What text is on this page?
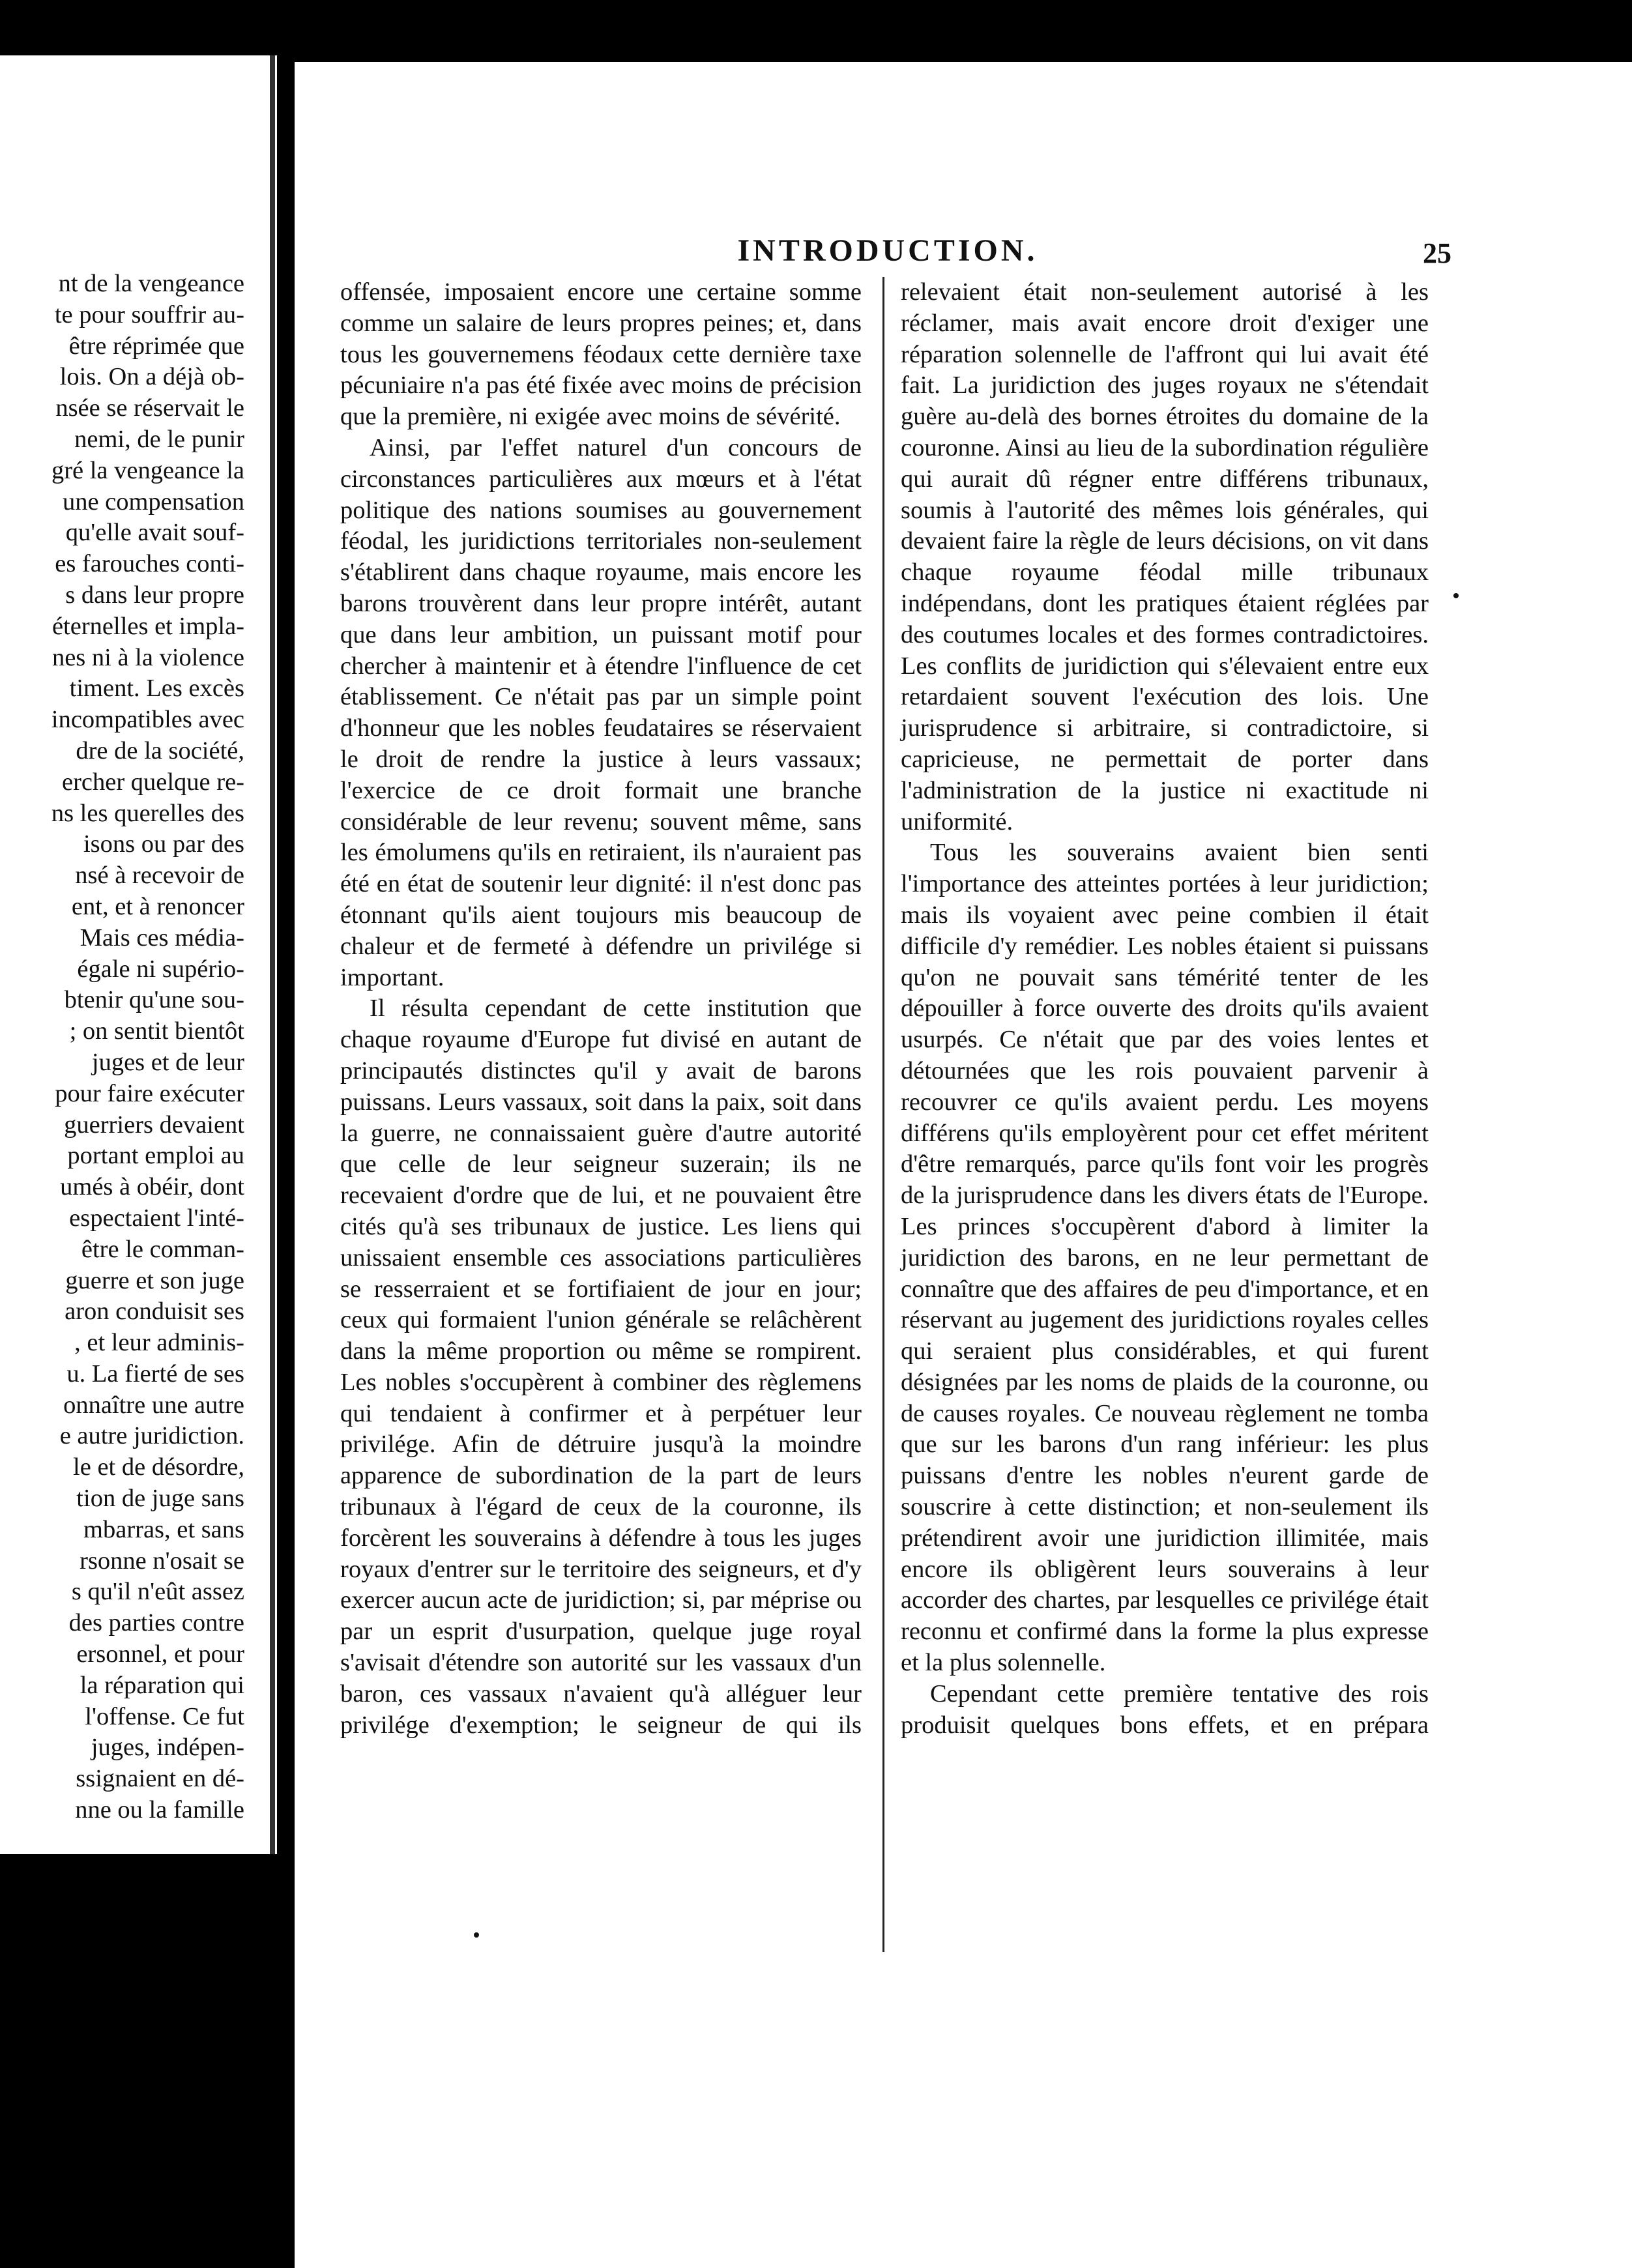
nt de la vengeance

te pour souffrir au-

être réprimée que

lois. On a déjà ob-

nsée se réservait le

nemi, de le punir

gré la vengeance la

une compensation

qu'elle avait souf-

es farouches conti-

s dans leur propre

éternelles et impla-

nes ni à la violence

timent. Les excès

incompatibles avec

dre de la société,

ercher quelque re-

ns les querelles des

isons ou par des

nsé à recevoir de

ent, et à renoncer

Mais ces média-

égale ni supério-

btenir qu'une sou-

; on sentit bientôt

juges et de leur

pour faire exécuter

guerriers devaient

portant emploi au

umés à obéir, dont

espectaient l'inté-

être le comman-

guerre et son juge

aron conduisit ses

, et leur adminis-

u. La fierté de ses

onnaître une autre

e autre juridiction.

le et de désordre,

tion de juge sans

mbarras, et sans

rsonne n'osait se

s qu'il n'eût assez

des parties contre

ersonnel, et pour

la réparation qui

l'offense. Ce fut

juges, indépen-

ssignaient en dé-

nne ou la famille

INTRODUCTION.	25

offensée, imposaient encore une certaine somme comme un salaire de leurs propres peines; et, dans tous les gouvernemens féodaux cette dernière taxe pécuniaire n'a pas été fixée avec moins de précision que la première, ni exigée avec moins de sévérité.

Ainsi, par l'effet naturel d'un concours de circonstances particulières aux mœurs et à l'état politique des nations soumises au gouvernement féodal, les juridictions territoriales non-seulement s'établirent dans chaque royaume, mais encore les barons trouvèrent dans leur propre intérêt, autant que dans leur ambition, un puissant motif pour chercher à maintenir et à étendre l'influence de cet établissement. Ce n'était pas par un simple point d'honneur que les nobles feudataires se réservaient le droit de rendre la justice à leurs vassaux; l'exercice de ce droit formait une branche considérable de leur revenu; souvent même, sans les émolumens qu'ils en retiraient, ils n'auraient pas été en état de soutenir leur dignité: il n'est donc pas étonnant qu'ils aient toujours mis beaucoup de chaleur et de fermeté à défendre un privilége si important.

Il résulta cependant de cette institution que chaque royaume d'Europe fut divisé en autant de principautés distinctes qu'il y avait de barons puissans. Leurs vassaux, soit dans la paix, soit dans la guerre, ne connaissaient guère d'autre autorité que celle de leur seigneur suzerain; ils ne recevaient d'ordre que de lui, et ne pouvaient être cités qu'à ses tribunaux de justice. Les liens qui unissaient ensemble ces associations particulières se resserraient et se fortifiaient de jour en jour; ceux qui formaient l'union générale se relâchèrent dans la même proportion ou même se rompirent. Les nobles s'occupèrent à combiner des règlemens qui tendaient à confirmer et à perpétuer leur privilége. Afin de détruire jusqu'à la moindre apparence de subordination de la part de leurs tribunaux à l'égard de ceux de la couronne, ils forcèrent les souverains à défendre à tous les juges royaux d'entrer sur le territoire des seigneurs, et d'y exercer aucun acte de juridiction; si, par méprise ou par un esprit d'usurpation, quelque juge royal s'avisait d'étendre son autorité sur les vassaux d'un baron, ces vassaux n'avaient qu'à alléguer leur privilége d'exemption; le seigneur de qui ils

relevaient était non-seulement autorisé à les réclamer, mais avait encore droit d'exiger une réparation solennelle de l'affront qui lui avait été fait. La juridiction des juges royaux ne s'étendait guère au-delà des bornes étroites du domaine de la couronne. Ainsi au lieu de la subordination régulière qui aurait dû régner entre différens tribunaux, soumis à l'autorité des mêmes lois générales, qui devaient faire la règle de leurs décisions, on vit dans chaque royaume féodal mille tribunaux indépendans, dont les pratiques étaient réglées par des coutumes locales et des formes contradictoires. Les conflits de juridiction qui s'élevaient entre eux retardaient souvent l'exécution des lois. Une jurisprudence si arbitraire, si contradictoire, si capricieuse, ne permettait de porter dans l'administration de la justice ni exactitude ni uniformité.

Tous les souverains avaient bien senti l'importance des atteintes portées à leur juridiction; mais ils voyaient avec peine combien il était difficile d'y remédier. Les nobles étaient si puissans qu'on ne pouvait sans témérité tenter de les dépouiller à force ouverte des droits qu'ils avaient usurpés. Ce n'était que par des voies lentes et détournées que les rois pouvaient parvenir à recouvrer ce qu'ils avaient perdu. Les moyens différens qu'ils employèrent pour cet effet méritent d'être remarqués, parce qu'ils font voir les progrès de la jurisprudence dans les divers états de l'Europe. Les princes s'occupèrent d'abord à limiter la juridiction des barons, en ne leur permettant de connaître que des affaires de peu d'importance, et en réservant au jugement des juridictions royales celles qui seraient plus considérables, et qui furent désignées par les noms de plaids de la couronne, ou de causes royales. Ce nouveau règlement ne tomba que sur les barons d'un rang inférieur: les plus puissans d'entre les nobles n'eurent garde de souscrire à cette distinction; et non-seulement ils prétendirent avoir une juridiction illimitée, mais encore ils obligèrent leurs souverains à leur accorder des chartes, par lesquelles ce privilége était reconnu et confirmé dans la forme la plus expresse et la plus solennelle.

Cependant cette première tentative des rois produisit quelques bons effets, et en prépara
